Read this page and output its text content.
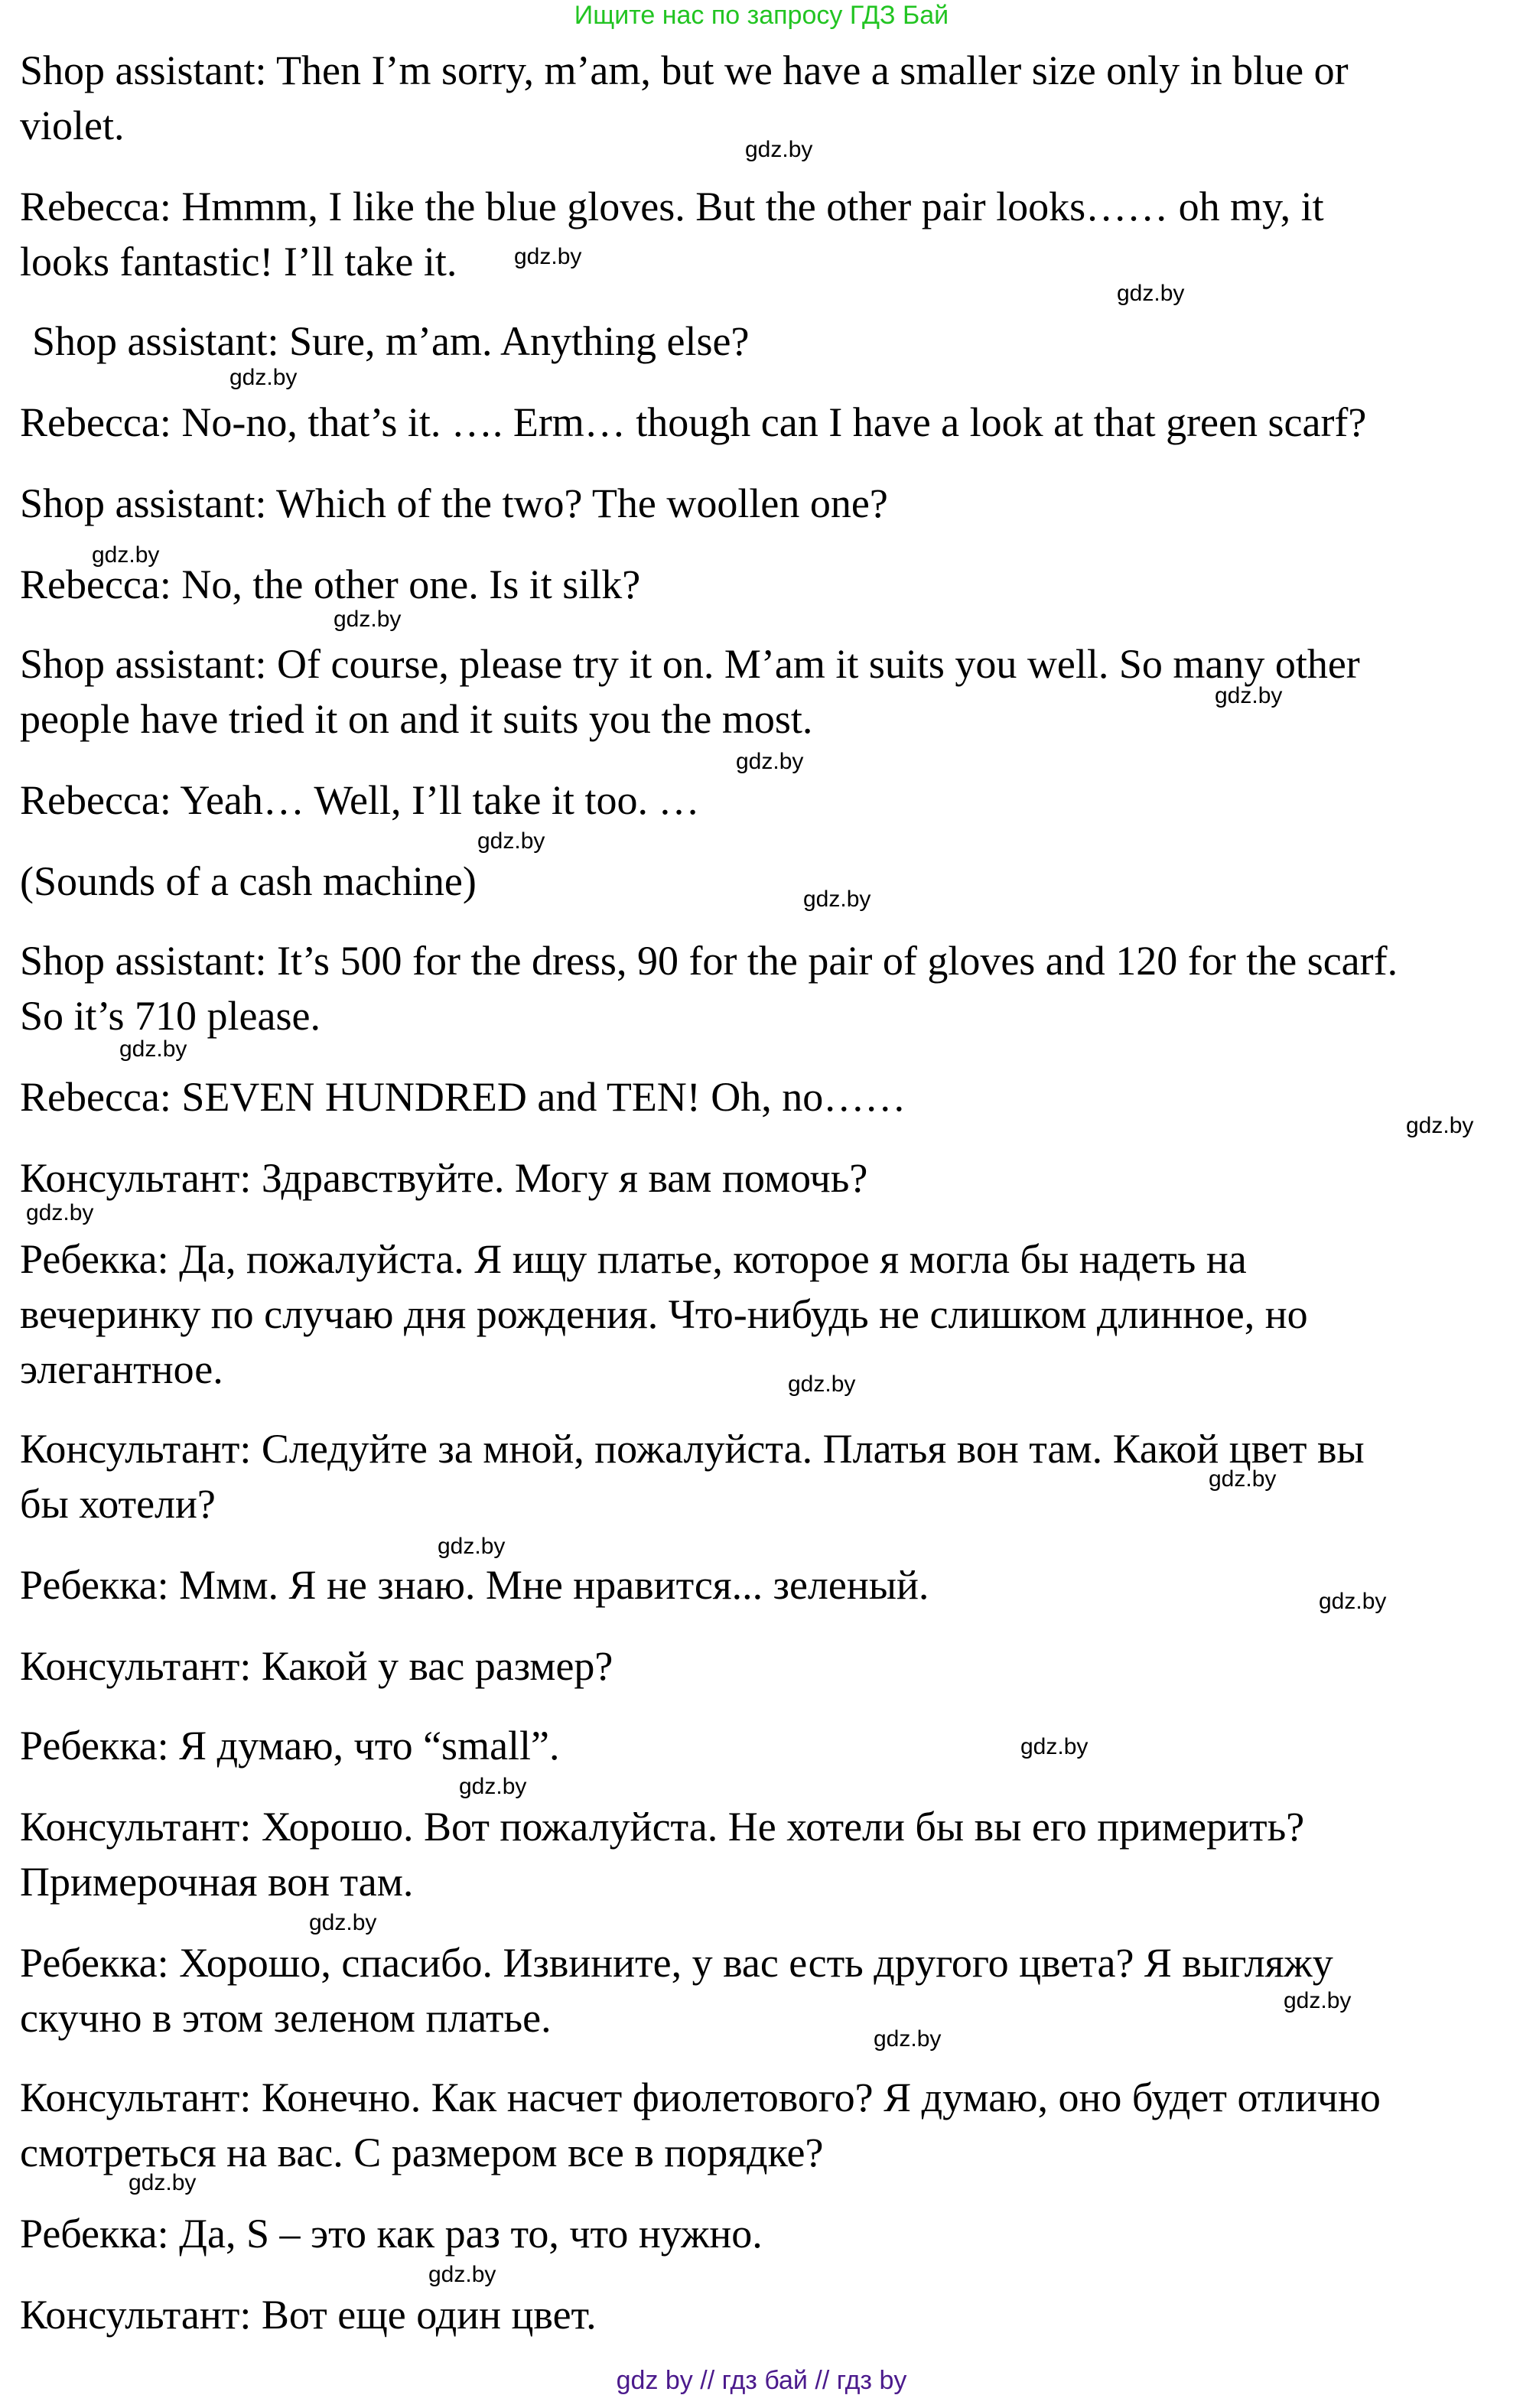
Ищите нас по запросу ГДЗ Бай
Shop assistant: Then I’m sorry, m’am, but we have a smaller size only in blue or
violet.
Rebecca: Hmmm, I like the blue gloves. But the other pair looks…… oh my, it
looks fantastic! I’ll take it.
Shop assistant: Sure, m’am. Anything else?
Rebecca: No-no, that’s it. …. Erm… though can I have a look at that green scarf?
Shop assistant: Which of the two? The woollen one?
Rebecca: No, the other one. Is it silk?
Shop assistant: Of course, please try it on. M’am it suits you well. So many other
people have tried it on and it suits you the most.
Rebecca: Yeah… Well, I’ll take it too. …
(Sounds of a cash machine)
Shop assistant: It’s 500 for the dress, 90 for the pair of gloves and 120 for the scarf.
So it’s 710 please.
Rebecca: SEVEN HUNDRED and TEN! Oh, no……
Консультант: Здравствуйте. Могу я вам помочь?
Ребекка: Да, пожалуйста. Я ищу платье, которое я могла бы надеть на
вечеринку по случаю дня рождения. Что-нибудь не слишком длинное, но
элегантное.
Консультант: Следуйте за мной, пожалуйста. Платья вон там. Какой цвет вы
бы хотели?
Ребекка: Ммм. Я не знаю. Мне нравится... зеленый.
Консультант: Какой у вас размер?
Ребекка: Я думаю, что “small”.
Консультант: Хорошо. Вот пожалуйста. Не хотели бы вы его примерить?
Примерочная вон там.
Ребекка: Хорошо, спасибо. Извините, у вас есть другого цвета? Я выгляжу
скучно в этом зеленом платье.
Консультант: Конечно. Как насчет фиолетового? Я думаю, оно будет отлично
смотреться на вас. С размером все в порядке?
Ребекка: Да, S – это как раз то, что нужно.
Консультант: Вот еще один цвет.
gdz.by
gdz.by
gdz.by
gdz.by
gdz.by
gdz.by
gdz.by
gdz.by
gdz.by
gdz.by
gdz.by
gdz.by
gdz.by
gdz.by
gdz.by
gdz.by
gdz.by
gdz.by
gdz.by
gdz.by
gdz.by
gdz.by
gdz.by
gdz.by
gdz by // гдз бай // гдз by
